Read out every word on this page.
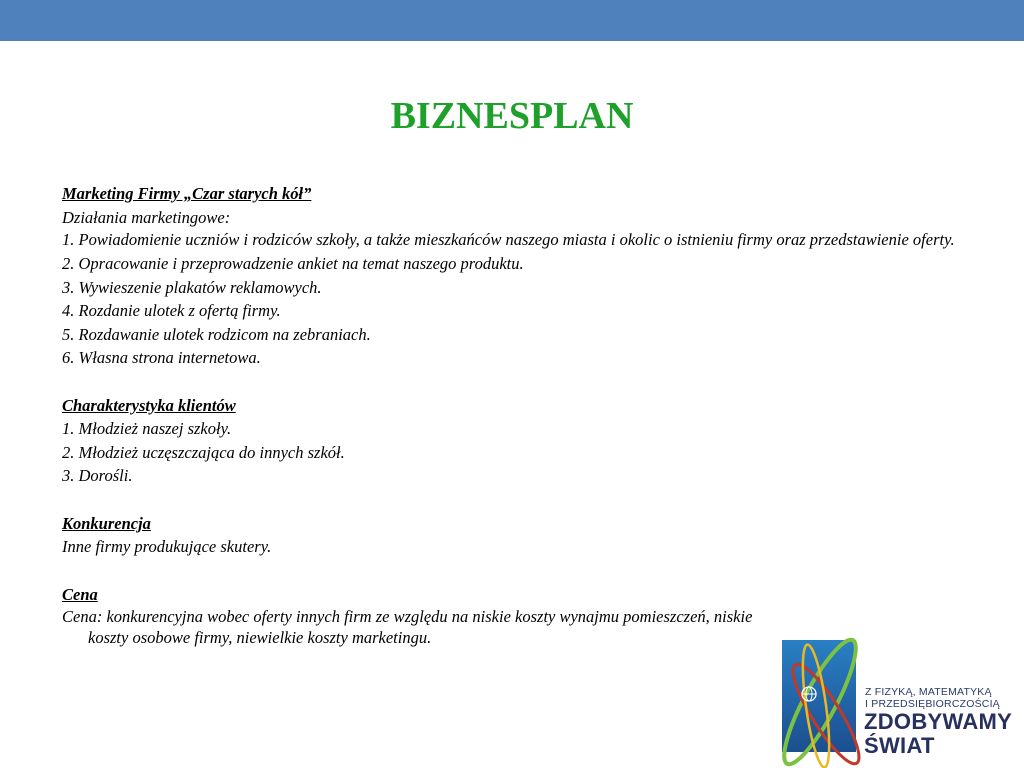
BIZNESPLAN

Marketing Firmy „Czar starych kół”

Działania marketingowe:

1. Powiadomienie uczniów i rodziców szkoły, a także mieszkańców naszego miasta i okolic o istnieniu firmy oraz przedstawienie oferty.

2. Opracowanie i przeprowadzenie ankiet na temat naszego produktu.

3. Wywieszenie plakatów reklamowych.

4. Rozdanie ulotek z ofertą firmy.

5. Rozdawanie ulotek rodzicom na zebraniach.

6. Własna strona internetowa.

Charakterystyka klientów

1. Młodzież naszej szkoły.

2. Młodzież uczęszczająca do innych szkół.

3. Dorośli.

Konkurencja

Inne firmy produkujące skutery.

Cena

Cena: konkurencyjna wobec oferty innych firm ze względu na niskie koszty wynajmu pomieszczeń, niskie koszty osobowe firmy, niewielkie koszty marketingu.

Z FIZYKĄ, MATEMATYKĄ
I PRZEDSIĘBIORCZOŚCIĄ
ZDOBYWAMY
ŚWIAT
